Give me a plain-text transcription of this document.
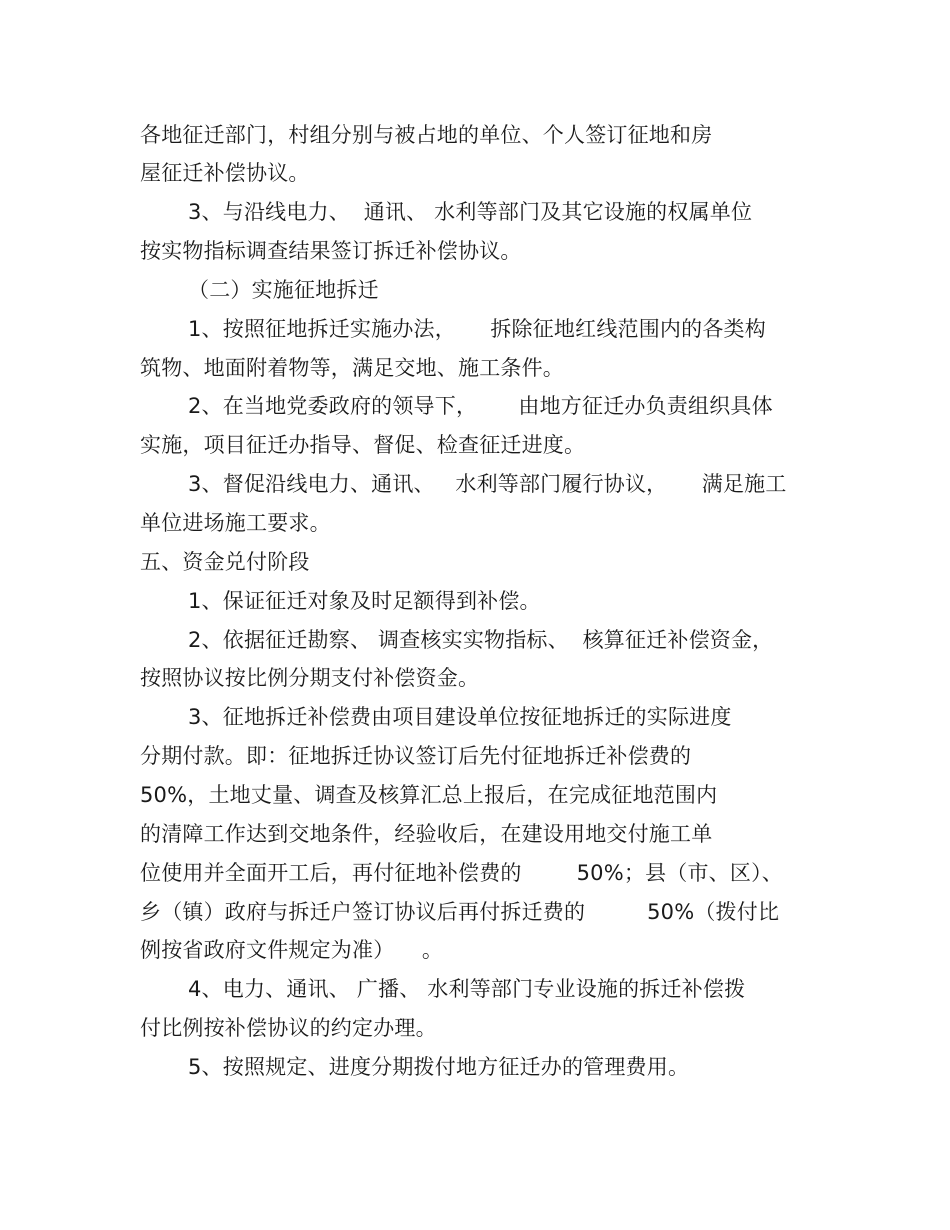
各地征迁部门，村组分别与被占地的单位、个人签订征地和房
屋征迁补偿协议。
3、与沿线电力、  通讯、 水利等部门及其它设施的权属单位
按实物指标调查结果签订拆迁补偿协议。
（二）实施征地拆迁
1、按照征地拆迁实施办法，     拆除征地红线范围内的各类构
筑物、地面附着物等，满足交地、施工条件。
2、在当地党委政府的领导下，      由地方征迁办负责组织具体
实施，项目征迁办指导、督促、检查征迁进度。
3、督促沿线电力、通讯、   水利等部门履行协议，     满足施工
单位进场施工要求。
五、资金兑付阶段
1、保证征迁对象及时足额得到补偿。
2、依据征迁勘察、 调查核实实物指标、  核算征迁补偿资金，
按照协议按比例分期支付补偿资金。
3、征地拆迁补偿费由项目建设单位按征地拆迁的实际进度
分期付款。即：征地拆迁协议签订后先付征地拆迁补偿费的
50%，土地丈量、调查及核算汇总上报后，在完成征地范围内
的清障工作达到交地条件，经验收后，在建设用地交付施工单
位使用并全面开工后，再付征地补偿费的        50%；县（市、区）、
乡（镇）政府与拆迁户签订协议后再付拆迁费的         50%（拨付比
例按省政府文件规定为准）    。
4、电力、通讯、 广播、 水利等部门专业设施的拆迁补偿拨
付比例按补偿协议的约定办理。
5、按照规定、进度分期拨付地方征迁办的管理费用。
